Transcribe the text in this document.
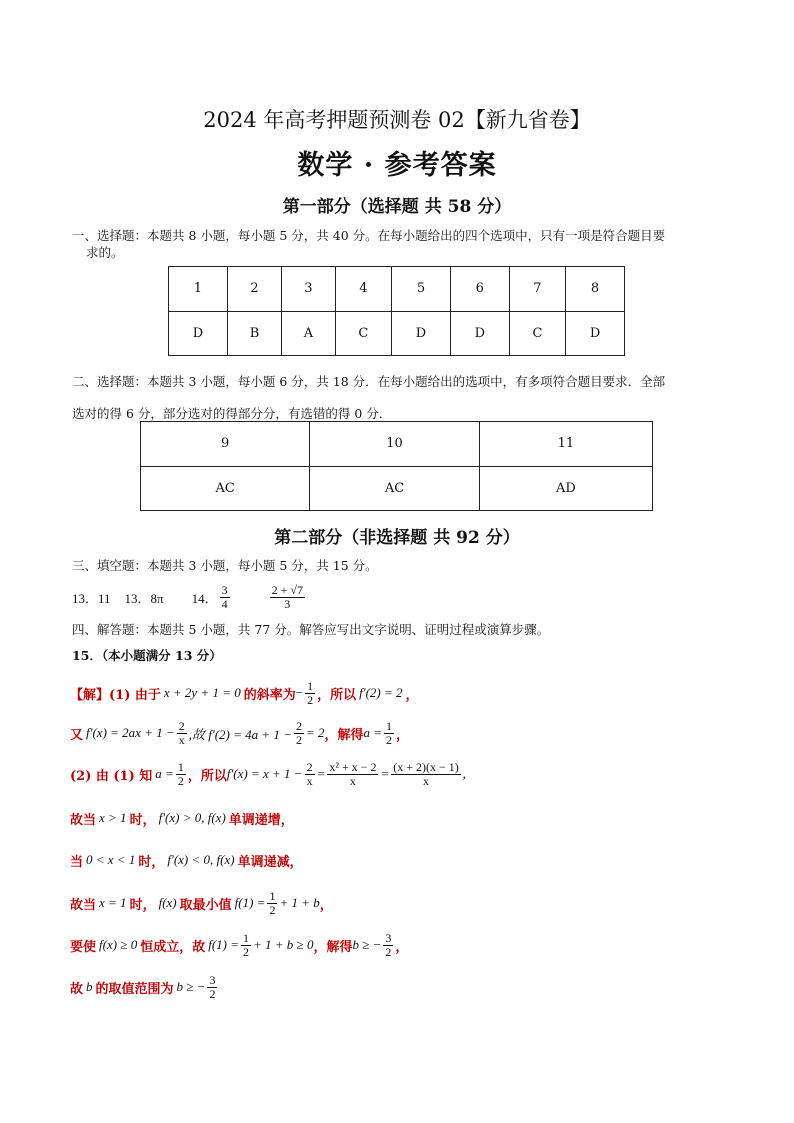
2024 年高考押题预测卷 02【新九省卷】
数学 · 参考答案
第一部分（选择题 共 58 分）
一、选择题：本题共 8 小题，每小题 5 分，共 40 分。在每小题给出的四个选项中，只有一项是符合题目要
求的。
1	2	3	4	5	6	7	8
D	B	A	C	D	D	C	D
二、选择题：本题共 3 小题，每小题 6 分，共 18 分．在每小题给出的选项中，有多项符合题目要求．全部
选对的得 6 分，部分选对的得部分分，有选错的得 0 分．
9	10	11
AC	AC	AD
第二部分（非选择题 共 92 分）
三、填空题：本题共 3 小题，每小题 5 分，共 15 分。
13．11 13．8π 14． $\frac{3}{4}$	$\frac{2 + √7}{3}$
四、解答题：本题共 5 小题，共 77 分。解答应写出文字说明、证明过程或演算步骤。
15．（本小题满分 13 分）
【解】(1) 由于 x + 2y + 1 = 0 的斜率为 − $\frac{1}{2}$ ，所以 f′(2) = 2 ，
又 $f'(x) = 2ax + 1 - \frac{2}{x}$ ,故 $f'(2) = 4a + 1 - \frac{2}{2} = 2$ ，解得 $a = \frac{1}{2}$ ，
(2) 由 (1) 知 $a = \frac{1}{2}$ ，所以 $f'(x) = x + 1 - \frac{2}{x} = \frac{\text{x² + x − 2}}{x} = \frac{(x + 2)(x - 1)}{x}$ ,
故当 x > 1 时， f′(x) > 0, f(x) 单调递增，
当 0 < x < 1 时， f′(x) < 0, f(x) 单调递减，
故当 x = 1 时， f(x) 取最小值 $f(1) = \frac{1}{2} + 1 + b$ ，
要使 f(x) ≥ 0 恒成立，故 $f(1) = \frac{1}{2} + 1 + b \ge 0$ ，解得 b ≥ − $\frac{3}{2}$ ，
故 b 的取值范围为 b ≥ − $\frac{3}{2}$
